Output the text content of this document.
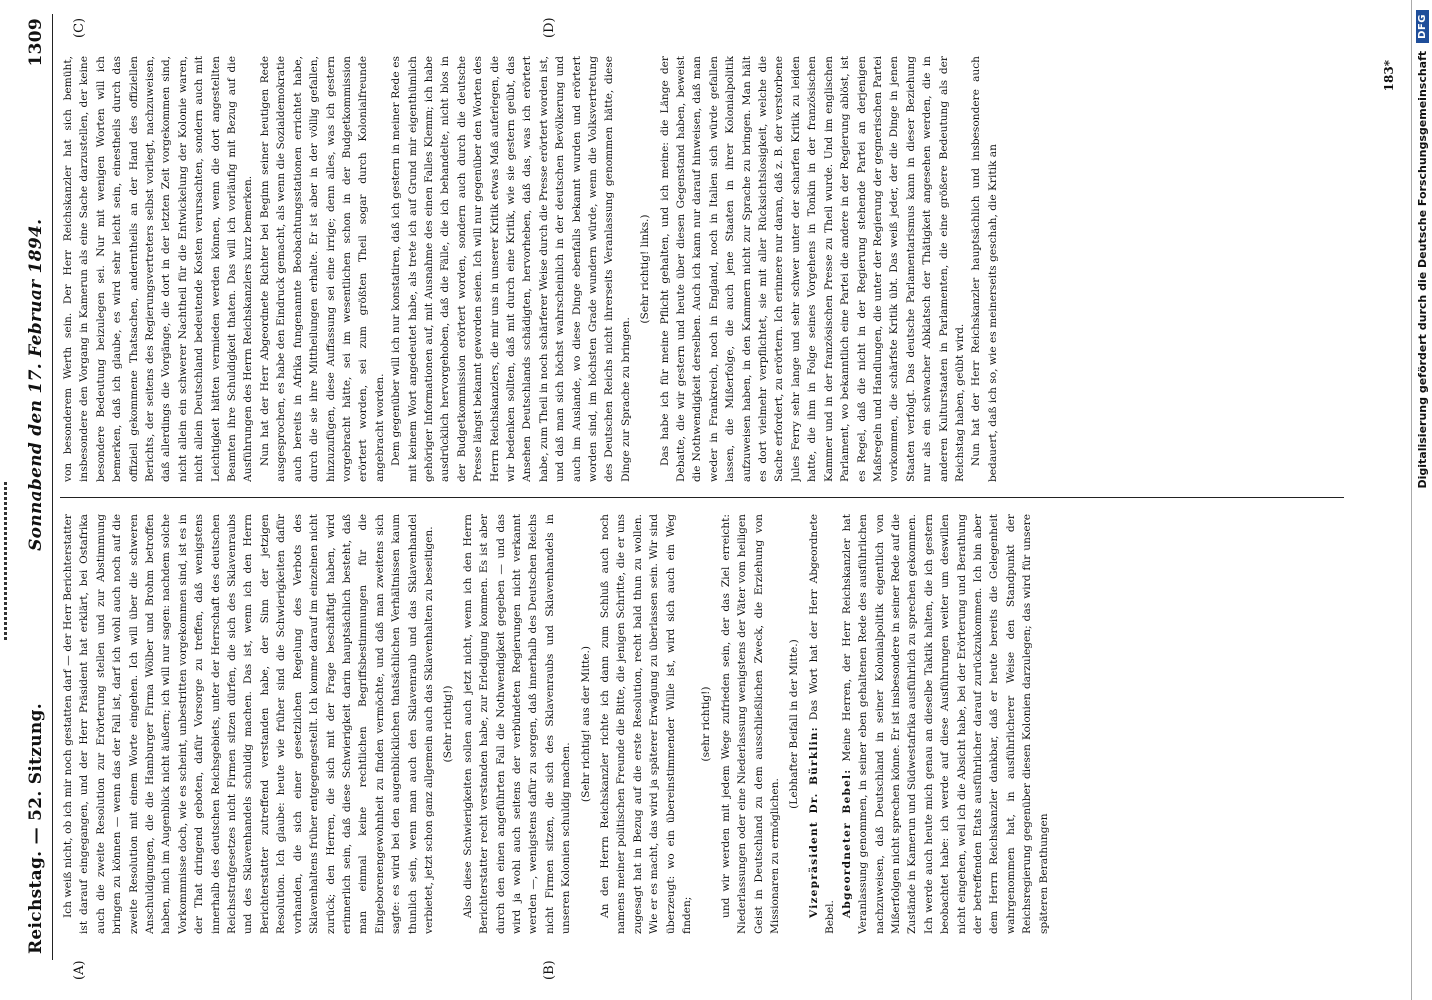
Reichstag. — 52. Sitzung.
Sonnabend den 17. Februar 1894.
1309
(A)	(B)
(C)	(D)

Ich weiß nicht, ob ich mir noch gestatten darf — der Herr Berichterstatter ist darauf eingegangen, und der Herr Präsident hat erklärt, bei Ostafrika auch die zweite Resolution zur Erörterung stellen und zur Abstimmung bringen zu können — wenn das der Fall ist, darf ich wohl auch noch auf die zweite Resolution mit einem Worte eingehen. Ich will über die schweren Anschuldigungen, die die Hamburger Firma Wölber und Brohm betroffen haben, mich im Augenblick nicht äußern; ich will nur sagen: nachdem solche Vorkommnisse doch, wie es scheint, unbestritten vorgekommen sind, ist es in der That dringend geboten, dafür Vorsorge zu treffen, daß wenigstens innerhalb des deutschen Reichsgebiets, unter der Herrschaft des deutschen Reichsstrafgesetzes nicht Firmen sitzen dürfen, die sich des Sklavenraubs und des Sklavenhandels schuldig machen. Das ist, wenn ich den Herrn Berichterstatter zutreffend verstanden habe, der Sinn der jetzigen Resolution. Ich glaube: heute wie früher sind die Schwierigkeiten dafür vorhanden, die sich einer gesetzlichen Regelung des Verbots des Sklavenhaltens früher entgegengestellt. Ich komme darauf im einzelnen nicht zurück; den Herren, die sich mit der Frage beschäftigt haben, wird erinnerlich sein, daß diese Schwierigkeit darin hauptsächlich besteht, daß man einmal keine rechtlichen Begriffsbestimmungen für die Eingeborenengewohnheit zu finden vermöchte, und daß man zweitens sich sagte: es wird bei den augenblicklichen thatsächlichen Verhältnissen kaum thunlich sein, wenn man auch den Sklavenraub und das Sklavenhandel verbietet, jetzt schon ganz allgemein auch das Sklavenhalten zu beseitigen. (Sehr richtig!) Also diese Schwierigkeiten sollen auch jetzt nicht, wenn ich den Herrn Berichterstatter recht verstanden habe, zur Erledigung kommen. Es ist aber durch den einen angeführten Fall die Nothwendigkeit gegeben — und das wird ja wohl auch seitens der verbündeten Regierungen nicht verkannt werden —, wenigstens dafür zu sorgen, daß innerhalb des Deutschen Reichs nicht Firmen sitzen, die sich des Sklavenraubs und Sklavenhandels in unseren Kolonien schuldig machen.

(Sehr richtig! aus der Mitte.) An den Herrn Reichskanzler richte ich dann zum Schluß auch noch namens meiner politischen Freunde die Bitte, die jenigen Schritte, die er uns zugesagt hat in Bezug auf die erste Resolution, recht bald thun zu wollen. Wie er es macht, das wird ja späterer Erwägung zu überlassen sein. Wir sind überzeugt: wo ein übereinstimmender Wille ist, wird sich auch ein Weg finden;

(sehr richtig!) und wir werden mit jedem Wege zufrieden sein, der das Ziel erreicht: Niederlassungen oder eine Niederlassung wenigstens der Väter vom heiligen Geist in Deutschland zu dem ausschließlichen Zweck, die Erziehung von Missionaren zu ermöglichen.

(Lebhafter Beifall in der Mitte.)

Vizepräsident Dr. Bürklin: Das Wort hat der Herr Abgeordnete Bebel. Abgeordneter Bebel: Meine Herren, der Herr Reichskanzler hat Veranlassung genommen, in seiner eben gehaltenen Rede des ausführlichen nachzuweisen, daß Deutschland in seiner Kolonialpolitik eigentlich von Mißerfolgen nicht sprechen könne. Er ist insbesondere in seiner Rede auf die Zustände in Kamerun und Südwestafrika ausführlich zu sprechen gekommen. Ich werde auch heute mich genau an dieselbe Taktik halten, die ich gestern beobachtet habe: ich werde auf diese Ausführungen weiter um deswillen nicht eingehen, weil ich die Absicht habe, bei der Erörterung und Berathung der betreffenden Etats ausführlicher darauf zurückzukommen. Ich bin aber dem Herrn Reichskanzler dankbar, daß er heute bereits die Gelegenheit wahrgenommen hat, in ausführlicherer Weise den Standpunkt der Reichsregierung gegenüber diesen Kolonien darzulegen; das wird für unsere späteren Berathungen

von besonderem Werth sein. Der Herr Reichskanzler hat sich bemüht, insbesondere den Vorgang in Kamerun als eine Sache darzustellen, der keine besondere Bedeutung beizulegen sei. Nur mit wenigen Worten will ich bemerken, daß ich glaube, es wird sehr leicht sein, einestheils durch das offiziell gekommene Thatsachen, anderntheils an der Hand des offiziellen Berichts, der seitens des Regierungsvertreters selbst vorliegt, nachzuweisen, daß allerdings die Vorgänge, die dort in der letzten Zeit vorgekommen sind, nicht allein ein schwerer Nachtheil für die Entwickelung der Kolonie waren, nicht allein Deutschland bedeutende Kosten verursachten, sondern auch mit Leichtigkeit hätten vermieden werden können, wenn die dort angestellten Beamten ihre Schuldigkeit thaten. Das will ich vorläufig mit Bezug auf die Ausführungen des Herrn Reichskanzlers kurz bemerken. Nun hat der Herr Abgeordnete Richter bei Beginn seiner heutigen Rede ausgesprochen, es habe den Eindruck gemacht, als wenn die Sozialdemokratie auch bereits in Afrika fungenannte Beobachtungsstationen errichtet habe, durch die sie ihre Mittheilungen erhalte. Er ist aber in der völlig gefallen, hinzuzufügen, diese Auffassung sei eine irrige; denn alles, was ich gestern vorgebracht hätte, sei im wesentlichen schon in der Budgetkommission erörtert worden, sei zum größten Theil sogar durch Kolonialfreunde angebracht worden. Dem gegenüber will ich nur konstatiren, daß ich gestern in meiner Rede es mit keinem Wort angedeutet habe, als trete ich auf Grund mir eigenthümlich gehöriger Informationen auf, mit Ausnahme des einen Falles Klemm; ich habe ausdrücklich hervorgehoben, daß die Fälle, die ich behandelte, nicht blos in der Budgetkommission erörtert worden, sondern auch durch die deutsche Presse längst bekannt geworden seien. Ich will nur gegenüber den Worten des Herrn Reichskanzlers, die mir uns in unserer Kritik etwas Maß auferlegen, die wir bedenken sollten, daß mit durch eine Kritik, wie sie gestern geübt, das Ansehen Deutschlands schädigten, hervorheben, daß das, was ich erörtert habe, zum Theil in noch schärferer Weise durch die Presse erörtert worden ist, und daß man sich höchst wahrscheinlich in der deutschen Bevölkerung und auch im Auslande, wo diese Dinge ebenfalls bekannt wurden und erörtert worden sind, im höchsten Grade wundern würde, wenn die Volksvertretung des Deutschen Reichs nicht ihrerseits Veranlassung genommen hätte, diese Dinge zur Sprache zu bringen.

(Sehr richtig! links.) Das habe ich für meine Pflicht gehalten, und ich meine: die Länge der Debatte, die wir gestern und heute über diesen Gegenstand haben, beweist die Nothwendigkeit derselben. Auch ich kann nur darauf hinweisen, daß man weder in Frankreich, noch in England, noch in Italien sich würde gefallen lassen, die Mißerfolge, die auch jene Staaten in ihrer Kolonialpolitik aufzuweisen haben, in den Kammern nicht zur Sprache zu bringen. Man hält es dort vielmehr verpflichtet, sie mit aller Rücksichtslosigkeit, welche die Sache erfordert, zu erörtern. Ich erinnere nur daran, daß z. B. der verstorbene Jules Ferry sehr lange und sehr schwer unter der scharfen Kritik zu leiden hatte, die ihm in Folge seines Vorgehens in Tonkin in der französischen Kammer und in der französischen Presse zu Theil wurde. Und im englischen Parlament, wo bekanntlich eine Partei die andere in der Regierung ablöst, ist es Regel, daß die nicht in der Regierung stehende Partei an derjenigen Maßregeln und Handlungen, die unter der Regierung der gegnerischen Partei vorkommen, die schärfste Kritik übt. Das weiß jeder, der die Dinge in jenen Staaten verfolgt. Das deutsche Parlamentarismus kann in dieser Beziehung nur als ein schwacher Abklatsch der Thätigkeit angesehen werden, die in anderen Kulturstaaten in Parlamenten, die eine größere Bedeutung als der Reichstag haben, geübt wird. Nun hat der Herr Reichskanzler hauptsächlich und insbesondere auch bedauert, daß ich so, wie es meinerseits geschah, die Kritik an

183* Digitalisierung gefördert durch die Deutsche Forschungsgemeinschaft
DFG
